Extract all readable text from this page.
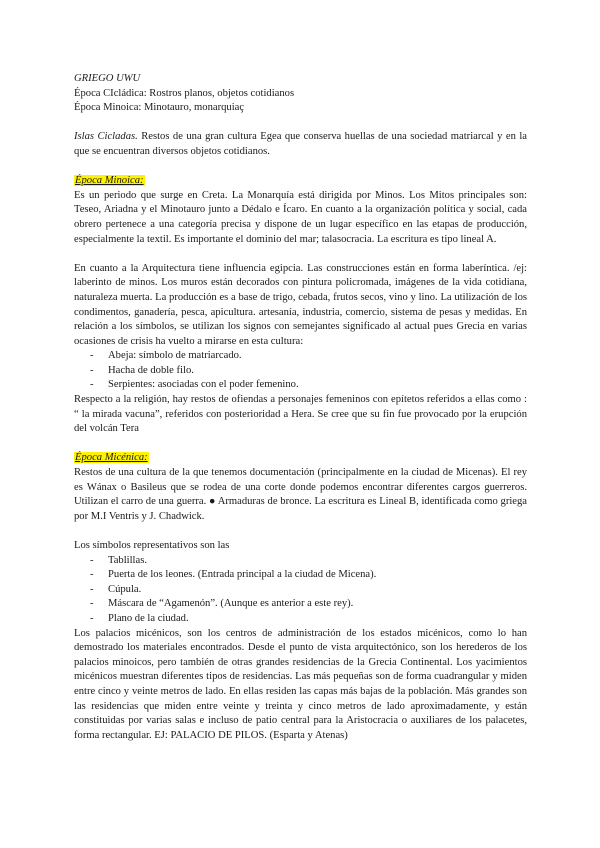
GRIEGO UWU

Época CIcládica: Rostros planos, objetos cotidianos

Época Minoica: Minotauro, monarquiaç

Islas Cicladas. Restos de una gran cultura Egea que conserva huellas de una sociedad matriarcal y en la que se encuentran diversos objetos cotidianos.

Época Minoica:

Es un periodo que surge en Creta. La Monarquía está dirigida por Minos. Los Mitos principales son: Teseo, Ariadna y el Minotauro junto a Dédalo e Ícaro. En cuanto a la organización política y social, cada obrero pertenece a una categoría precisa y dispone de un lugar específico en las etapas de producción, especialmente la textil. Es importante el dominio del mar; talasocracia. La escritura es tipo lineal A.

En cuanto a la Arquitectura tiene influencia egipcia. Las construcciones están en forma laberíntica. /ej: laberinto de minos. Los muros están decorados con pintura policromada, imágenes de la vida cotidiana, naturaleza muerta. La producción es a base de trigo, cebada, frutos secos, vino y lino. La utilización de los condimentos, ganadería, pesca, apicultura. artesanía, industria, comercio, sistema de pesas y medidas. En relación a los símbolos, se utilizan los signos con semejantes significado al actual pues Grecia en varias ocasiones de crisis ha vuelto a mirarse en esta cultura:

- Abeja: símbolo de matriarcado.
- Hacha de doble filo.
- Serpientes: asociadas con el poder femenino.

Respecto a la religión, hay restos de ofiendas a personajes femeninos con epítetos referidos a ellas como : “ la mirada vacuna”, referidos con posterioridad a Hera. Se cree que su fin fue provocado por la erupción del volcán Tera

Época Micénica:

Restos de una cultura de la que tenemos documentación (principalmente en la ciudad de Micenas). El rey es Wánax o Basileus que se rodea de una corte donde podemos encontrar diferentes cargos guerreros. Utilizan el carro de una guerra. ● Armaduras de bronce. La escritura es Lineal B, identificada como griega por M.I Ventris y J. Chadwick.

Los símbolos representativos son las

- Tablillas.
- Puerta de los leones. (Entrada principal a la ciudad de Micena).
- Cúpula.
- Máscara de “Agamenón”. (Aunque es anterior a este rey).
- Plano de la ciudad.

Los palacios micénicos, son los centros de administración de los estados micénicos, como lo han demostrado los materiales encontrados. Desde el punto de vista arquitectónico, son los herederos de los palacios minoicos, pero también de otras grandes residencias de la Grecia Continental. Los yacimientos micénicos muestran diferentes tipos de residencias. Las más pequeñas son de forma cuadrangular y miden entre cinco y veinte metros de lado. En ellas residen las capas más bajas de la población. Más grandes son las residencias que miden entre veinte y treinta y cinco metros de lado aproximadamente, y están constituidas por varias salas e incluso de patio central para la Aristocracia o auxiliares de los palacetes, forma rectangular. EJ: PALACIO DE PILOS. (Esparta y Atenas)
